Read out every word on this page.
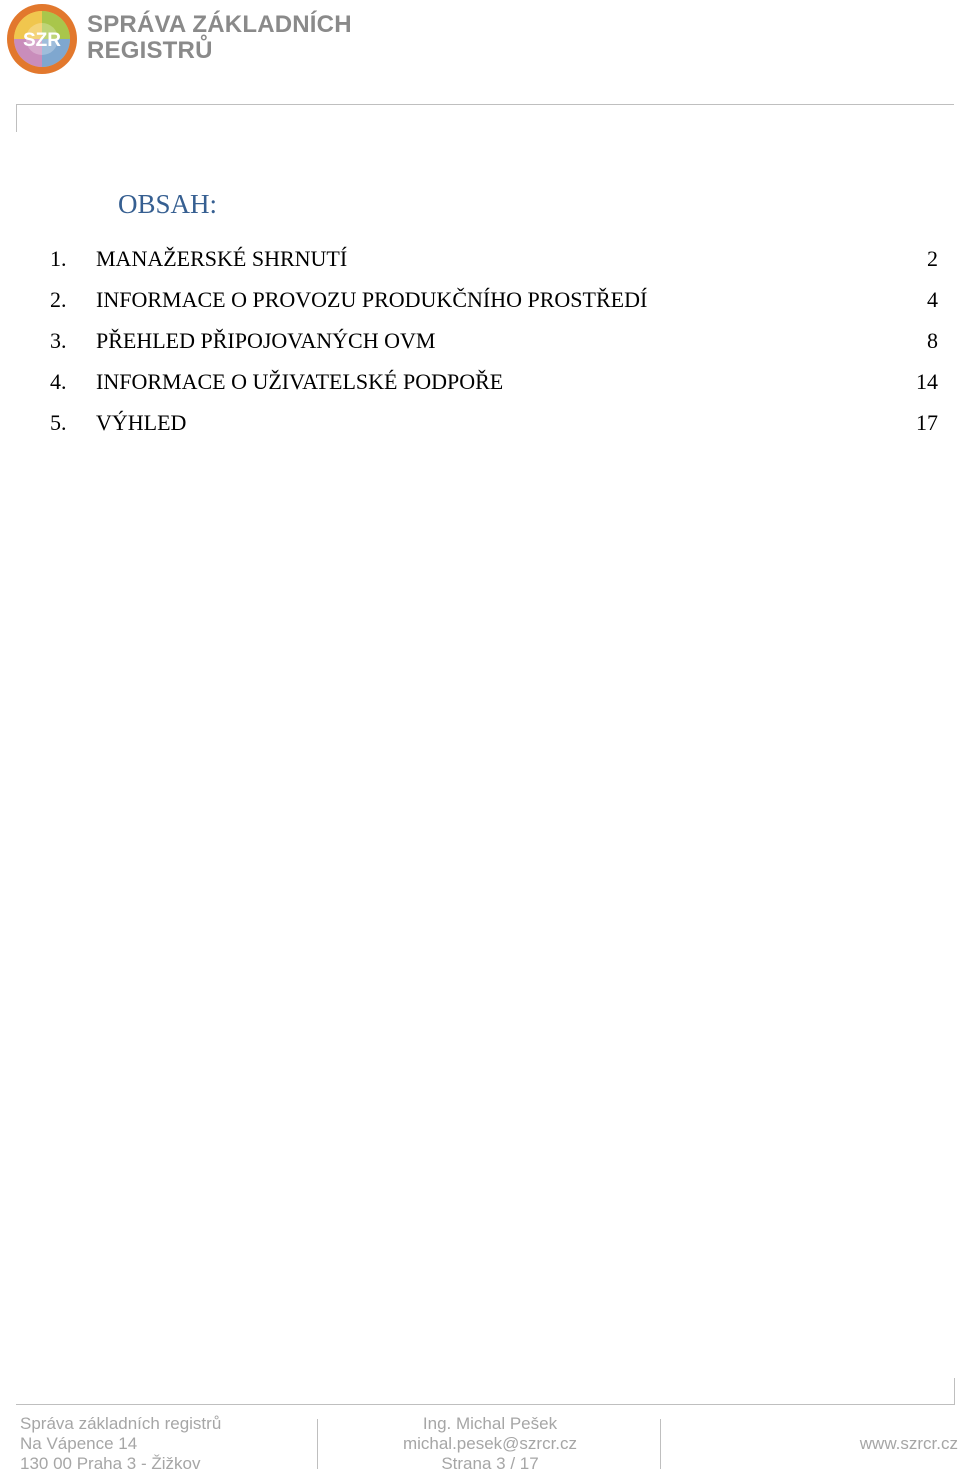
SZR
SPRÁVA ZÁKLADNÍCH
REGISTRŮ
OBSAH:
1. MANAŽERSKÉ SHRNUTÍ	2
2. INFORMACE O PROVOZU PRODUKČNÍHO PROSTŘEDÍ	4
3. PŘEHLED PŘIPOJOVANÝCH OVM	8
4. INFORMACE O UŽIVATELSKÉ PODPOŘE	14
5. VÝHLED	17
Správa základních registrů
Na Vápence 14
130 00 Praha 3 - Žižkov
Ing. Michal Pešek
michal.pesek@szrcr.cz
Strana 3 / 17
www.szrcr.cz
